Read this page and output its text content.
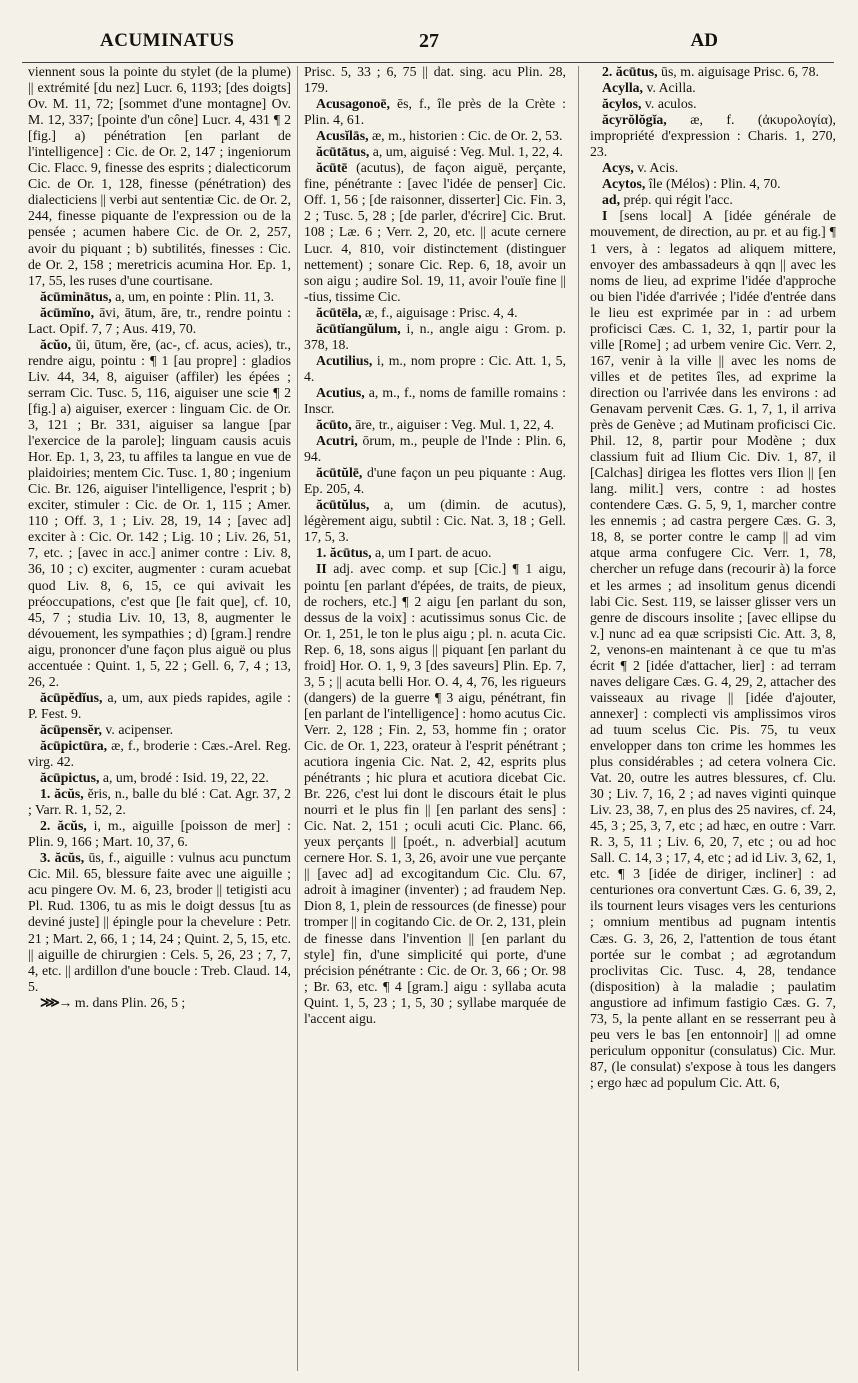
ACUMINATUS	27	AD

viennent sous la pointe du stylet (de la plume) || extrémité [du nez] Lucr. 6, 1193; [des doigts] Ov. M. 11, 72; [sommet d'une montagne] Ov. M. 12, 337; [pointe d'un cône] Lucr. 4, 431 ¶ 2 [fig.] a) pénétration [en parlant de l'intelligence] : Cic. de Or. 2, 147 ; ingeniorum Cic. Flacc. 9, finesse des esprits ; dialecticorum Cic. de Or. 1, 128, finesse (pénétration) des dialecticiens || verbi aut sententiæ Cic. de Or. 2, 244, finesse piquante de l'expression ou de la pensée ; acumen habere Cic. de Or. 2, 257, avoir du piquant ; b) subtilités, finesses : Cic. de Or. 2, 158 ; meretricis acumina Hor. Ep. 1, 17, 55, les ruses d'une courtisane.

ăcūminātus, a, um, en pointe : Plin. 11, 3.

ăcūmĭno, āvi, ātum, āre, tr., rendre pointu : Lact. Opif. 7, 7 ; Aus. 419, 70.

ăcŭo, ŭi, ūtum, ĕre, (ac-, cf. acus, acies), tr., rendre aigu, pointu : ¶ 1 [au propre] : gladios Liv. 44, 34, 8, aiguiser (affiler) les épées ; serram Cic. Tusc. 5, 116, aiguiser une scie ¶ 2 [fig.] a) aiguiser, exercer : linguam Cic. de Or. 3, 121 ; Br. 331, aiguiser sa langue [par l'exercice de la parole]; linguam causis acuis Hor. Ep. 1, 3, 23, tu affiles ta langue en vue de plaidoiries; mentem Cic. Tusc. 1, 80 ; ingenium Cic. Br. 126, aiguiser l'intelligence, l'esprit ; b) exciter, stimuler : Cic. de Or. 1, 115 ; Amer. 110 ; Off. 3, 1 ; Liv. 28, 19, 14 ; [avec ad] exciter à : Cic. Or. 142 ; Lig. 10 ; Liv. 26, 51, 7, etc. ; [avec in acc.] animer contre : Liv. 8, 36, 10 ; c) exciter, augmenter : curam acuebat quod Liv. 8, 6, 15, ce qui avivait les préoccupations, c'est que [le fait que], cf. 10, 45, 7 ; studia Liv. 10, 13, 8, augmenter le dévouement, les sympathies ; d) [gram.] rendre aigu, prononcer d'une façon plus aiguë ou plus accentuée : Quint. 1, 5, 22 ; Gell. 6, 7, 4 ; 13, 26, 2.

ăcūpĕdĭus, a, um, aux pieds rapides, agile : P. Fest. 9.

ăcūpensĕr, v. acipenser.

ăcūpictūra, æ, f., broderie : Cæs.-Arel. Reg. virg. 42.

ăcūpictus, a, um, brodé : Isid. 19, 22, 22.

1. ăcŭs, ĕris, n., balle du blé : Cat. Agr. 37, 2 ; Varr. R. 1, 52, 2.

2. ăcŭs, i, m., aiguille [poisson de mer] : Plin. 9, 166 ; Mart. 10, 37, 6.

3. ăcŭs, ūs, f., aiguille : vulnus acu punctum Cic. Mil. 65, blessure faite avec une aiguille ; acu pingere Ov. M. 6, 23, broder || tetigisti acu Pl. Rud. 1306, tu as mis le doigt dessus [tu as deviné juste] || épingle pour la chevelure : Petr. 21 ; Mart. 2, 66, 1 ; 14, 24 ; Quint. 2, 5, 15, etc. || aiguille de chirurgien : Cels. 5, 26, 23 ; 7, 7, 4, etc. || ardillon d'une boucle : Treb. Claud. 14, 5.

⋙→ m. dans Plin. 26, 5 ;

Prisc. 5, 33 ; 6, 75 || dat. sing. acu Plin. 28, 179.

Acusagonoē, ēs, f., île près de la Crète : Plin. 4, 61.

Acusĭlās, æ, m., historien : Cic. de Or. 2, 53.

ăcūtātus, a, um, aiguisé : Veg. Mul. 1, 22, 4.

ăcūtē (acutus), de façon aiguë, perçante, fine, pénétrante : [avec l'idée de penser] Cic. Off. 1, 56 ; [de raisonner, disserter] Cic. Fin. 3, 2 ; Tusc. 5, 28 ; [de parler, d'écrire] Cic. Brut. 108 ; Læ. 6 ; Verr. 2, 20, etc. || acute cernere Lucr. 4, 810, voir distinctement (distinguer nettement) ; sonare Cic. Rep. 6, 18, avoir un son aigu ; audire Sol. 19, 11, avoir l'ouïe fine || -tius, tissime Cic.

ăcūtēla, æ, f., aiguisage : Prisc. 4, 4.

ăcūtĭangŭlum, i, n., angle aigu : Grom. p. 378, 18.

Acutilius, i, m., nom propre : Cic. Att. 1, 5, 4.

Acutius, a, m., f., noms de famille romains : Inscr.

ăcūto, āre, tr., aiguiser : Veg. Mul. 1, 22, 4.

Acutri, ōrum, m., peuple de l'Inde : Plin. 6, 94.

ăcūtŭlē, d'une façon un peu piquante : Aug. Ep. 205, 4.

ăcūtŭlus, a, um (dimin. de acutus), légèrement aigu, subtil : Cic. Nat. 3, 18 ; Gell. 17, 5, 3.

1. ăcūtus, a, um I part. de acuo.

II adj. avec comp. et sup [Cic.] ¶ 1 aigu, pointu [en parlant d'épées, de traits, de pieux, de rochers, etc.] ¶ 2 aigu [en parlant du son, dessus de la voix] : acutissimus sonus Cic. de Or. 1, 251, le ton le plus aigu ; pl. n. acuta Cic. Rep. 6, 18, sons aigus || piquant [en parlant du froid] Hor. O. 1, 9, 3 [des saveurs] Plin. Ep. 7, 3, 5 ; || acuta belli Hor. O. 4, 4, 76, les rigueurs (dangers) de la guerre ¶ 3 aigu, pénétrant, fin [en parlant de l'intelligence] : homo acutus Cic. Verr. 2, 128 ; Fin. 2, 53, homme fin ; orator Cic. de Or. 1, 223, orateur à l'esprit pénétrant ; acutiora ingenia Cic. Nat. 2, 42, esprits plus pénétrants ; hic plura et acutiora dicebat Cic. Br. 226, c'est lui dont le discours était le plus nourri et le plus fin || [en parlant des sens] : Cic. Nat. 2, 151 ; oculi acuti Cic. Planc. 66, yeux perçants || [poét., n. adverbial] acutum cernere Hor. S. 1, 3, 26, avoir une vue perçante || [avec ad] ad excogitandum Cic. Clu. 67, adroit à imaginer (inventer) ; ad fraudem Nep. Dion 8, 1, plein de ressources (de finesse) pour tromper || in cogitando Cic. de Or. 2, 131, plein de finesse dans l'invention || [en parlant du style] fin, d'une simplicité qui porte, d'une précision pénétrante : Cic. de Or. 3, 66 ; Or. 98 ; Br. 63, etc. ¶ 4 [gram.] aigu : syllaba acuta Quint. 1, 5, 23 ; 1, 5, 30 ; syllabe marquée de l'accent aigu.

2. ăcūtus, ūs, m. aiguisage Prisc. 6, 78.

Acylla, v. Acilla.

ăcylos, v. aculos.

ăcyrŏlŏgĭa, æ, f. (ἀκυρολογία), impropriété d'expression : Charis. 1, 270, 23.

Acys, v. Acis.

Acytos, île (Mélos) : Plin. 4, 70.

ad, prép. qui régit l'acc.

I [sens local] A [idée générale de mouvement, de direction, au pr. et au fig.] ¶ 1 vers, à : legatos ad aliquem mittere, envoyer des ambassadeurs à qqn || avec les noms de lieu, ad exprime l'idée d'approche ou bien l'idée d'arrivée ; l'idée d'entrée dans le lieu est exprimée par in : ad urbem proficisci Cæs. C. 1, 32, 1, partir pour la ville [Rome] ; ad urbem venire Cic. Verr. 2, 167, venir à la ville || avec les noms de villes et de petites îles, ad exprime la direction ou l'arrivée dans les environs : ad Genavam pervenit Cæs. G. 1, 7, 1, il arriva près de Genève ; ad Mutinam proficisci Cic. Phil. 12, 8, partir pour Modène ; dux classium fuit ad Ilium Cic. Div. 1, 87, il [Calchas] dirigea les flottes vers Ilion || [en lang. milit.] vers, contre : ad hostes contendere Cæs. G. 5, 9, 1, marcher contre les ennemis ; ad castra pergere Cæs. G. 3, 18, 8, se porter contre le camp || ad vim atque arma confugere Cic. Verr. 1, 78, chercher un refuge dans (recourir à) la force et les armes ; ad insolitum genus dicendi labi Cic. Sest. 119, se laisser glisser vers un genre de discours insolite ; [avec ellipse du v.] nunc ad ea quæ scripsisti Cic. Att. 3, 8, 2, venons-en maintenant à ce que tu m'as écrit ¶ 2 [idée d'attacher, lier] : ad terram naves deligare Cæs. G. 4, 29, 2, attacher des vaisseaux au rivage || [idée d'ajouter, annexer] : complecti vis amplissimos viros ad tuum scelus Cic. Pis. 75, tu veux envelopper dans ton crime les hommes les plus considérables ; ad cetera volnera Cic. Vat. 20, outre les autres blessures, cf. Clu. 30 ; Liv. 7, 16, 2 ; ad naves viginti quinque Liv. 23, 38, 7, en plus des 25 navires, cf. 24, 45, 3 ; 25, 3, 7, etc ; ad hæc, en outre : Varr. R. 3, 5, 11 ; Liv. 6, 20, 7, etc ; ou ad hoc Sall. C. 14, 3 ; 17, 4, etc ; ad id Liv. 3, 62, 1, etc. ¶ 3 [idée de diriger, incliner] : ad centuriones ora convertunt Cæs. G. 6, 39, 2, ils tournent leurs visages vers les centurions ; omnium mentibus ad pugnam intentis Cæs. G. 3, 26, 2, l'attention de tous étant portée sur le combat ; ad ægrotandum proclivitas Cic. Tusc. 4, 28, tendance (disposition) à la maladie ; paulatim angustiore ad infimum fastigio Cæs. G. 7, 73, 5, la pente allant en se resserrant peu à peu vers le bas [en entonnoir] || ad omne periculum opponitur (consulatus) Cic. Mur. 87, (le consulat) s'expose à tous les dangers ; ergo hæc ad populum Cic. Att. 6,
